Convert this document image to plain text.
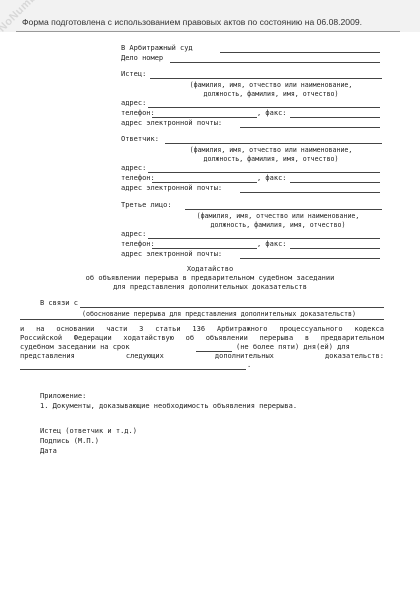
Форма подготовлена с использованием правовых актов по состоянию на 06.08.2009.
В Арбитражный суд
Дело номер
Истец:
(фамилия, имя, отчество или наименование,
должность, фамилия, имя, отчество)
адрес:
телефон:	, факс:
адрес электронной почты:
Ответчик:
(фамилия, имя, отчество или наименование,
должность, фамилия, имя, отчество)
адрес:
телефон:	, факс:
адрес электронной почты:
Третье лицо:
(фамилия, имя, отчество или наименование,
должность, фамилия, имя, отчество)
адрес:
телефон:	, факс:
адрес электронной почты:
Ходатайство
об объявлении перерыва в предварительном судебном заседании
для представления дополнительных доказательств
В связи с
(обоснование перерыва для представления дополнительных доказательств)
и на основании части 3 статьи 136 Арбитражного процессуального кодекса
Российской Федерации ходатайствую об объявлении перерыва в предварительном
судебном заседании на срок	(не более пяти) дня(ей) для
представления следующих дополнительных доказательств:
.
Приложение:
1. Документы, доказывающие необходимость объявления перерыва.
Истец (ответчик и т.д.)
Подпись (М.П.)
Дата
